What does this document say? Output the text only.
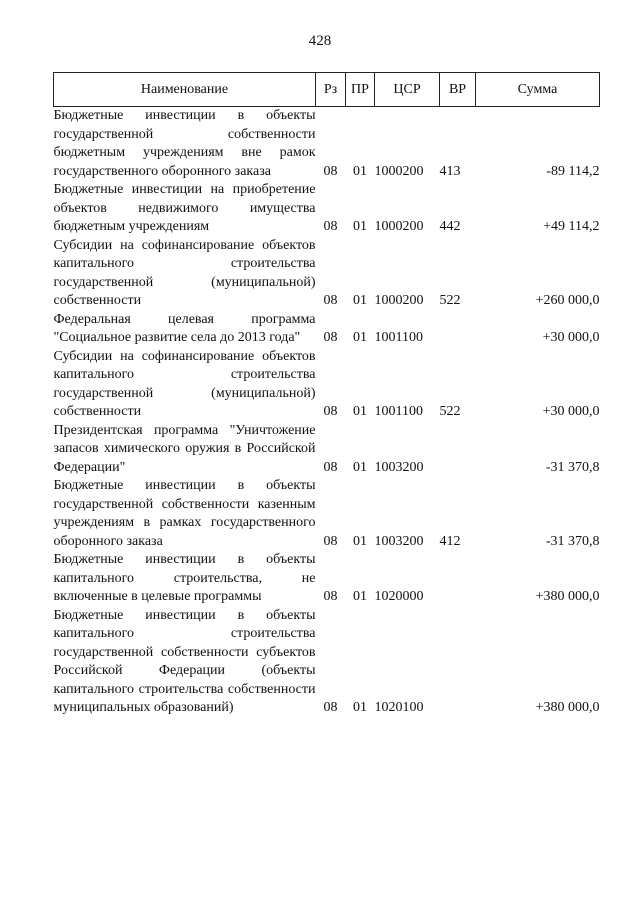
428
Наименование	Рз	ПР	ЦСР	ВР	Сумма
Бюджетные инвестиции в объекты государственной собственности бюджетным учреждениям вне рамок государственного оборонного заказа	08	01	1000200	413	-89 114,2
Бюджетные инвестиции на приобретение объектов недвижимого имущества бюджетным учреждениям	08	01	1000200	442	+49 114,2
Субсидии на софинансирование объектов капитального строительства государственной (муниципальной) собственности	08	01	1000200	522	+260 000,0
Федеральная целевая программа "Социальное развитие села до 2013 года"	08	01	1001100		+30 000,0
Субсидии на софинансирование объектов капитального строительства государственной (муниципальной) собственности	08	01	1001100	522	+30 000,0
Президентская программа "Уничтожение запасов химического оружия в Российской Федерации"	08	01	1003200		-31 370,8
Бюджетные инвестиции в объекты государственной собственности казенным учреждениям в рамках государственного оборонного заказа	08	01	1003200	412	-31 370,8
Бюджетные инвестиции в объекты капитального строительства, не включенные в целевые программы	08	01	1020000		+380 000,0
Бюджетные инвестиции в объекты капитального строительства государственной собственности субъектов Российской Федерации (объекты капитального строительства собственности муниципальных образований)	08	01	1020100		+380 000,0
